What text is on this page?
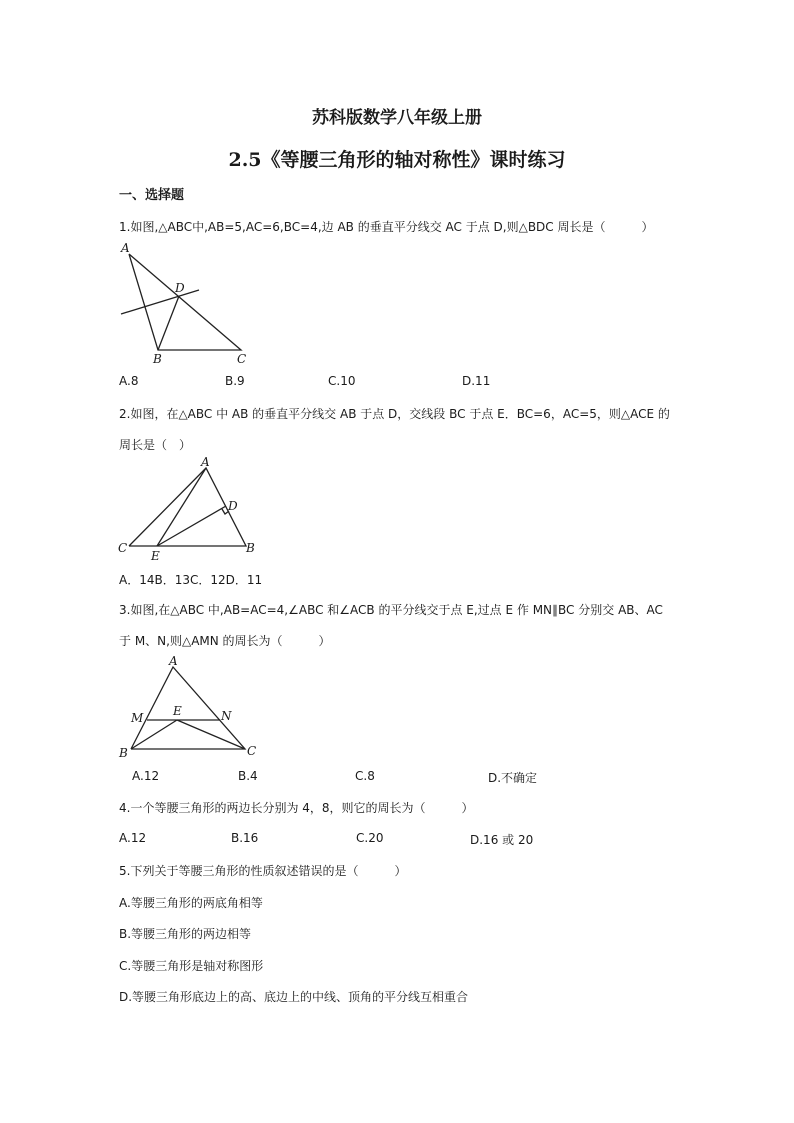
苏科版数学八年级上册
2.5《等腰三角形的轴对称性》课时练习
一、选择题
1.如图,△ABC中,AB=5,AC=6,BC=4,边 AB 的垂直平分线交 AC 于点 D,则△BDC 周长是（　　　）
A
B	C
D
A.8	B.9	C.10	D.11
2.如图，在△ABC 中 AB 的垂直平分线交 AB 于点 D，交线段 BC 于点 E．BC=6，AC=5，则△ACE 的
周长是（　）
A
B
C
D
E
A．14B．13C．12D．11
3.如图,在△ABC 中,AB=AC=4,∠ABC 和∠ACB 的平分线交于点 E,过点 E 作 MN∥BC 分别交 AB、AC
于 M、N,则△AMN 的周长为（　　　）
A
M E	N
B	C
A.12	B.4	C.8	D.不确定
4.一个等腰三角形的两边长分别为 4，8，则它的周长为（　　　）
A.12	B.16	C.20	D.16 或 20
5.下列关于等腰三角形的性质叙述错误的是（　　　）
A.等腰三角形的两底角相等
B.等腰三角形的两边相等
C.等腰三角形是轴对称图形
D.等腰三角形底边上的高、底边上的中线、顶角的平分线互相重合
